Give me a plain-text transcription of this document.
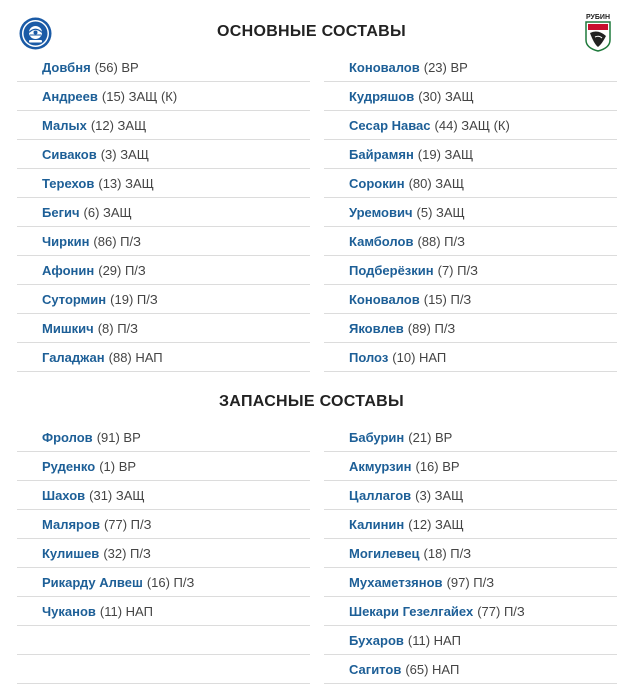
ОСНОВНЫЕ СОСТАВЫ
РУБИН
Довбня (56) ВР
Андреев (15) ЗАЩ (К)
Малых (12) ЗАЩ
Сиваков (3) ЗАЩ
Терехов (13) ЗАЩ
Бегич (6) ЗАЩ
Чиркин (86) П/З
Афонин (29) П/З
Сутормин (19) П/З
Мишкич (8) П/З
Галаджан (88) НАП
Коновалов (23) ВР
Кудряшов (30) ЗАЩ
Сесар Навас (44) ЗАЩ (К)
Байрамян (19) ЗАЩ
Сорокин (80) ЗАЩ
Уремович (5) ЗАЩ
Камболов (88) П/З
Подберёзкин (7) П/З
Коновалов (15) П/З
Яковлев (89) П/З
Полоз (10) НАП
ЗАПАСНЫЕ СОСТАВЫ
Фролов (91) ВР
Руденко (1) ВР
Шахов (31) ЗАЩ
Маляров (77) П/З
Кулишев (32) П/З
Рикарду Алвеш (16) П/З
Чуканов (11) НАП
Бабурин (21) ВР
Акмурзин (16) ВР
Цаллагов (3) ЗАЩ
Калинин (12) ЗАЩ
Могилевец (18) П/З
Мухаметзянов (97) П/З
Шекари Гезелгайех (77) П/З
Бухаров (11) НАП
Сагитов (65) НАП
